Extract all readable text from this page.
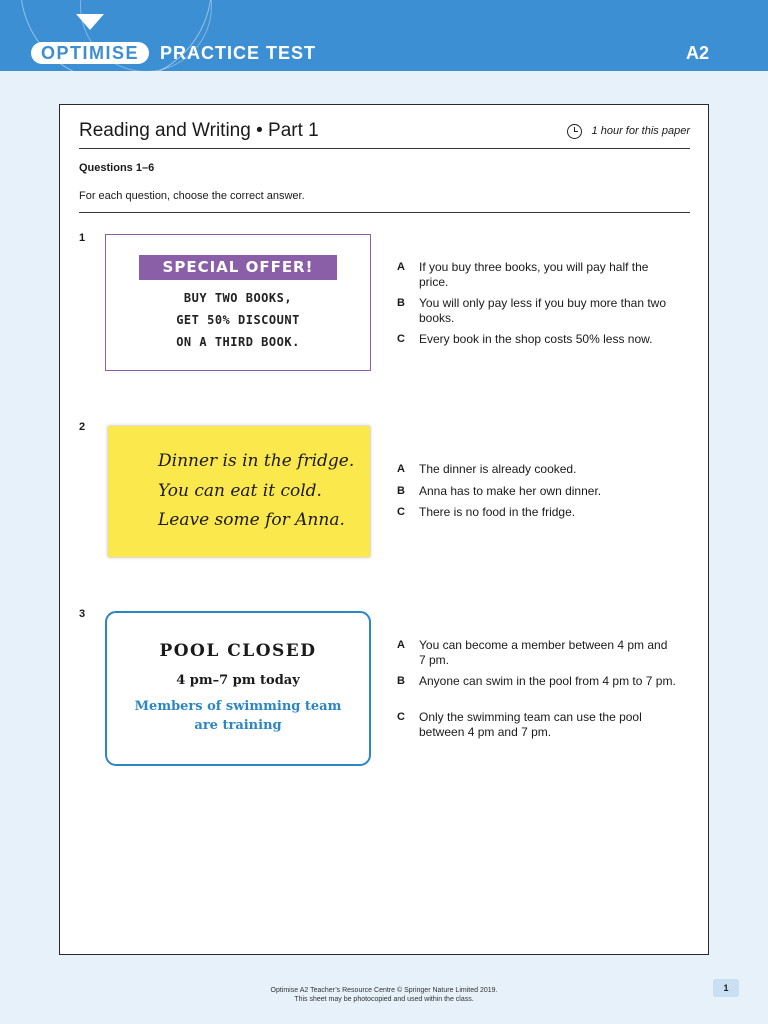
OPTIMISE	PRACTICE TEST	A2
Reading and Writing • Part 1	1 hour for this paper
Questions 1–6
For each question, choose the correct answer.
1
SPECIAL OFFER!
BUY TWO BOOKS,
GET 50% DISCOUNT
ON A THIRD BOOK.
A If you buy three books, you will pay half the price.
B You will only pay less if you buy more than two books.
C Every book in the shop costs 50% less now.
2
Dinner is in the fridge.
You can eat it cold.
Leave some for Anna.
A The dinner is already cooked.
B Anna has to make her own dinner.
C There is no food in the fridge.
3
POOL CLOSED
4 pm–7 pm today
Members of swimming team
are training
A You can become a member between 4 pm and 7 pm.
B Anyone can swim in the pool from 4 pm to 7 pm.
C Only the swimming team can use the pool between 4 pm and 7 pm.
Optimise A2 Teacher’s Resource Centre © Springer Nature Limited 2019.
This sheet may be photocopied and used within the class.
1
